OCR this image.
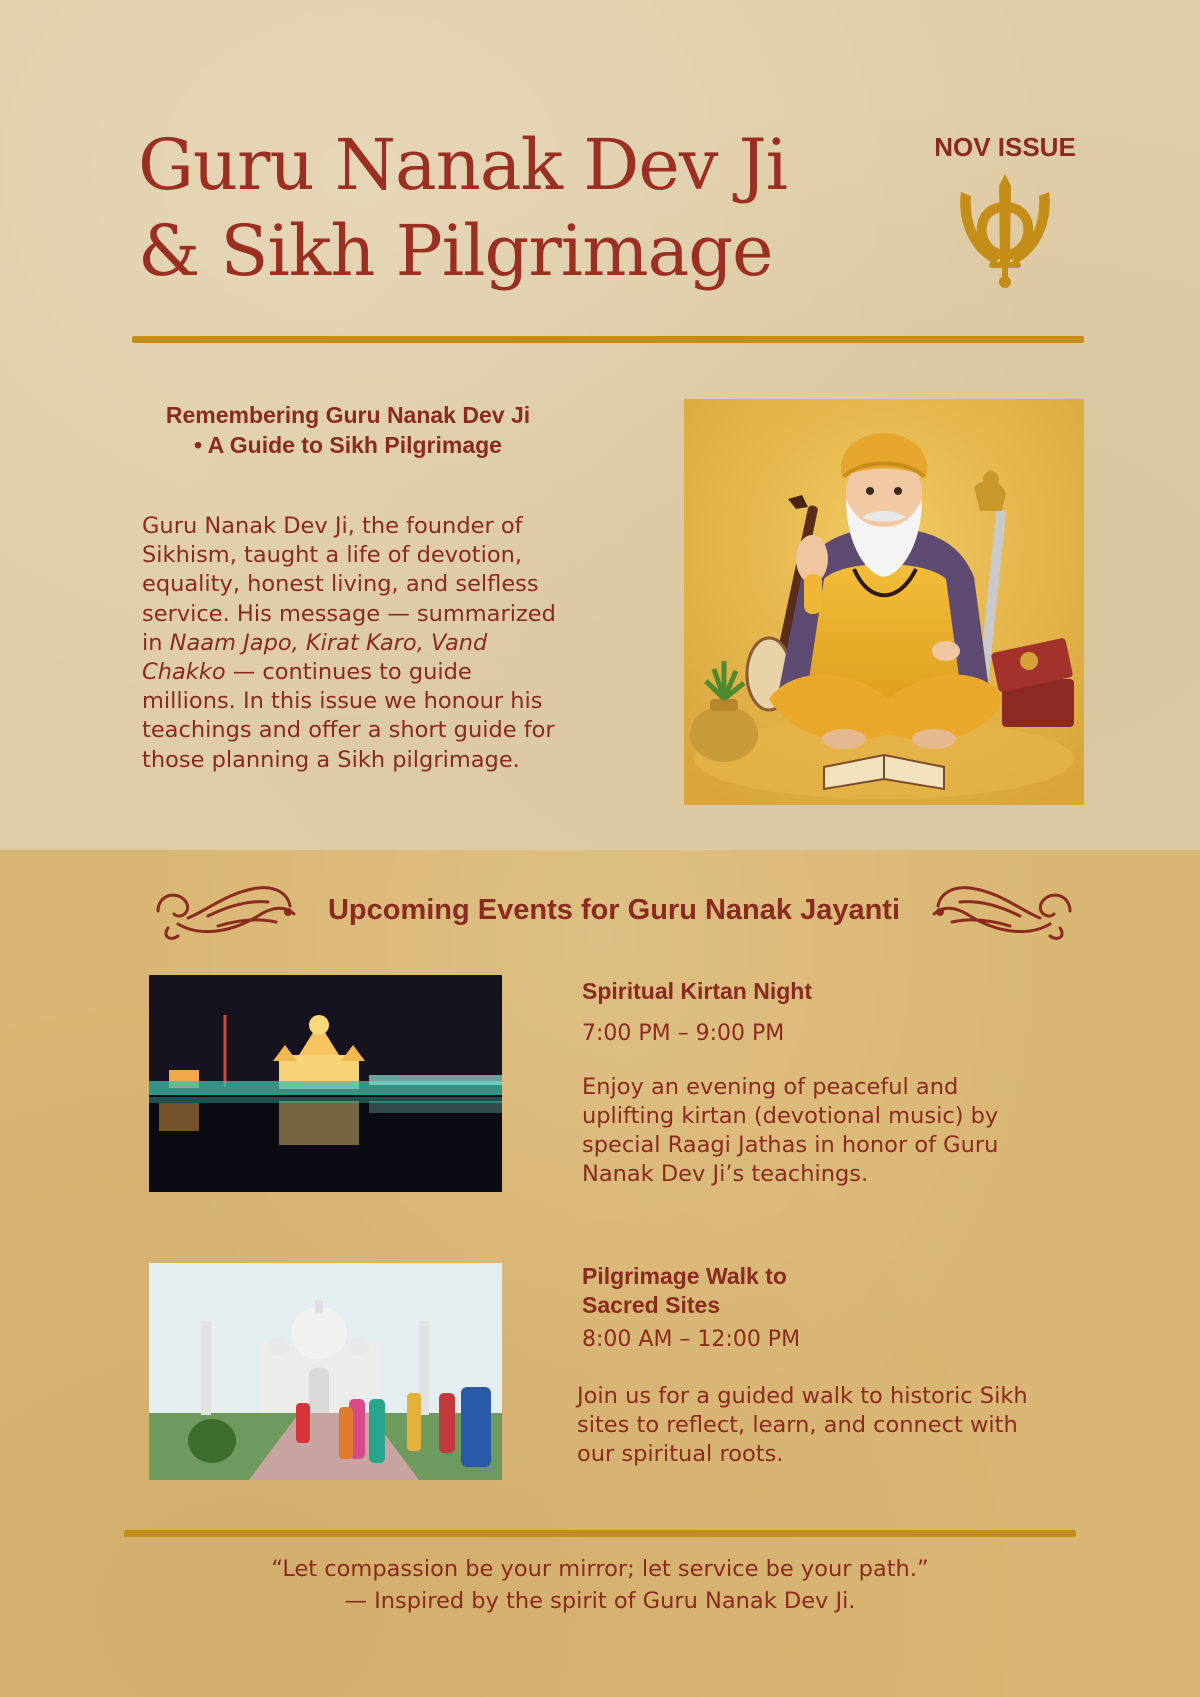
Guru Nanak Dev Ji
& Sikh Pilgrimage
NOV ISSUE
Remembering Guru Nanak Dev Ji
• A Guide to Sikh Pilgrimage

Guru Nanak Dev Ji, the founder of Sikhism, taught a life of devotion, equality, honest living, and selfless service. His message — summarized in Naam Japo, Kirat Karo, Vand Chakko — continues to guide millions. In this issue we honour his teachings and offer a short guide for those planning a Sikh pilgrimage.

Upcoming Events for Guru Nanak Jayanti
Spiritual Kirtan Night
7:00 PM – 9:00 PM

Enjoy an evening of peaceful and uplifting kirtan (devotional music) by special Raagi Jathas in honor of Guru Nanak Dev Ji’s teachings.

Pilgrimage Walk to
Sacred Sites
8:00 AM – 12:00 PM

Join us for a guided walk to historic Sikh sites to reflect, learn, and connect with our spiritual roots.

“Let compassion be your mirror; let service be your path.”
— Inspired by the spirit of Guru Nanak Dev Ji.
